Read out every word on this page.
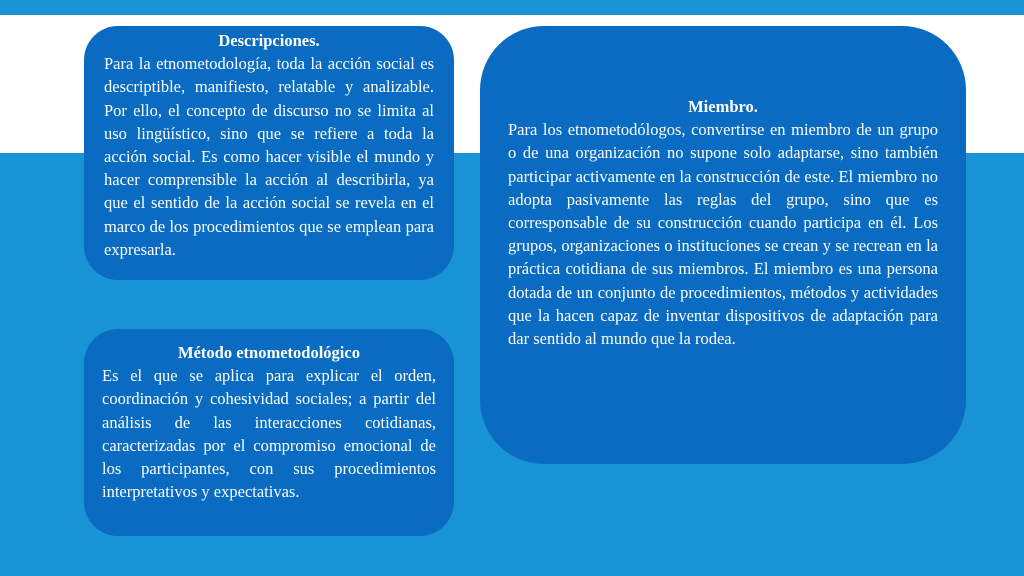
Descripciones.
Para la etnometodología, toda la acción social es descriptible, manifiesto, relatable y analizable. Por ello, el concepto de discurso no se limita al uso lingüístico, sino que se refiere a toda la acción social. Es como hacer visible el mundo y hacer comprensible la acción al describirla, ya que el sentido de la acción social se revela en el marco de los procedimientos que se emplean para expresarla.
Método etnometodológico
Es el que se aplica para explicar el orden, coordinación y cohesividad sociales; a partir del análisis de las interacciones cotidianas, caracterizadas por el compromiso emocional de los participantes, con sus procedimientos interpretativos y expectativas.
Miembro.
Para los etnometodólogos, convertirse en miembro de un grupo o de una organización no supone solo adaptarse, sino también participar activamente en la construcción de este. El miembro no adopta pasivamente las reglas del grupo, sino que es corresponsable de su construcción cuando participa en él. Los grupos, organizaciones o instituciones se crean y se recrean en la práctica cotidiana de sus miembros. El miembro es una persona dotada de un conjunto de procedimientos, métodos y actividades que la hacen capaz de inventar dispositivos de adaptación para dar sentido al mundo que la rodea.
